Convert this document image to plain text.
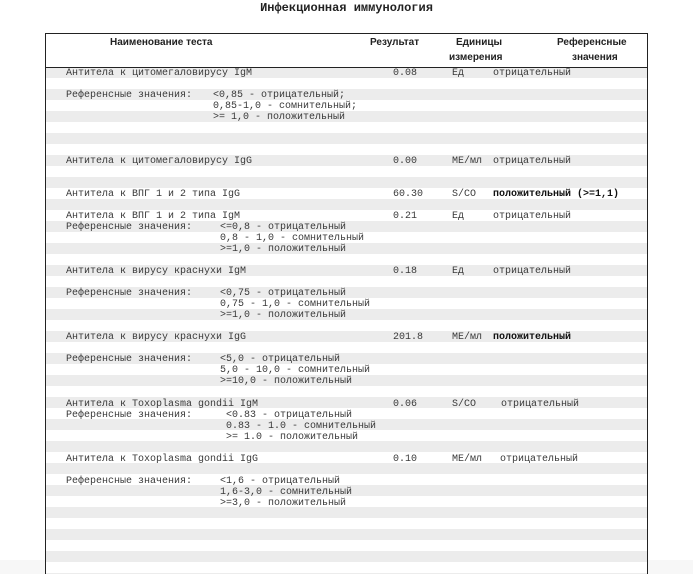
Инфекционная иммунология
Наименование теста	Результат	Единицы
измерения
Референсные
значения
Антитела к цитомегаловирусу IgM	0.08	Ед	отрицательный
Референсные значения: <0,85 - отрицательный;
0,85-1,0 - сомнительный;
>= 1,0 - положительный
Антитела к цитомегаловирусу IgG	0.00	МЕ/мл отрицательный
Антитела к ВПГ 1 и 2 типа IgG	60.30	S/CO положительный (>=1,1)
Антитела к ВПГ 1 и 2 типа IgM	0.21	Ед	отрицательный
Референсные значения:	<=0,8 - отрицательный
0,8 - 1,0 - сомнительный
>=1,0 - положительный
Антитела к вирусу краснухи IgM	0.18	Ед	отрицательный
Референсные значения:	<0,75 - отрицательный
0,75 - 1,0 - сомнительный
>=1,0 - положительный
Антитела к вирусу краснухи IgG	201.8	МЕ/мл положительный
Референсные значения:	<5,0 - отрицательный
5,0 - 10,0 - сомнительный
>=10,0 - положительный
Антитела к Toxoplasma gondii IgM	0.06	S/CO отрицательный
Референсные значения:	<0.83 - отрицательный
0.83 - 1.0 - сомнительный
>= 1.0 - положительный
Антитела к Toxoplasma gondii IgG	0.10	МЕ/мл отрицательный
Референсные значения:	<1,6 - отрицательный
1,6-3,0 - сомнительный
>=3,0 - положительный
